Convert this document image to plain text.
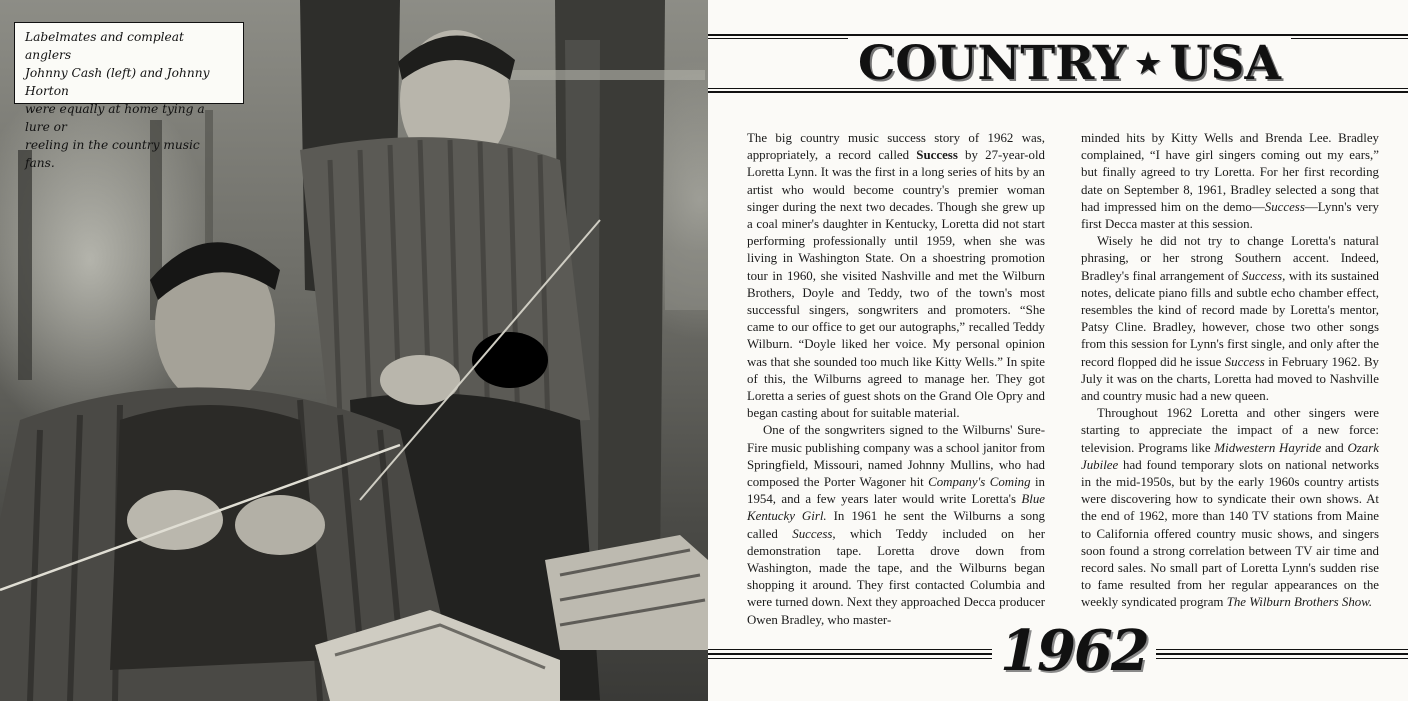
Labelmates and compleat anglers
Johnny Cash (left) and Johnny Horton
were equally at home tying a lure or
reeling in the country music fans.
COUNTRY ★ USA

The big country music success story of 1962 was, appropriately, a record called Success by 27-year-old Loretta Lynn. It was the first in a long series of hits by an artist who would become country's premier woman singer during the next two decades. Though she grew up a coal miner's daughter in Kentucky, Loretta did not start performing professionally until 1959, when she was living in Washington State. On a shoestring promotion tour in 1960, she visited Nashville and met the Wilburn Brothers, Doyle and Teddy, two of the town's most successful singers, songwriters and promoters. “She came to our office to get our autographs,” recalled Teddy Wilburn. “Doyle liked her voice. My personal opinion was that she sounded too much like Kitty Wells.” In spite of this, the Wilburns agreed to manage her. They got Loretta a series of guest shots on the Grand Ole Opry and began casting about for suitable material.

One of the songwriters signed to the Wilburns' Sure-Fire music publishing company was a school janitor from Springfield, Missouri, named Johnny Mullins, who had composed the Porter Wagoner hit Company's Coming in 1954, and a few years later would write Loretta's Blue Kentucky Girl. In 1961 he sent the Wilburns a song called Success, which Teddy included on her demonstration tape. Loretta drove down from Washington, made the tape, and the Wilburns began shopping it around. They first contacted Columbia and were turned down. Next they approached Decca producer Owen Bradley, who master-

minded hits by Kitty Wells and Brenda Lee. Bradley complained, “I have girl singers coming out my ears,” but finally agreed to try Loretta. For her first recording date on September 8, 1961, Bradley selected a song that had impressed him on the demo—Success—Lynn's very first Decca master at this session.

Wisely he did not try to change Loretta's natural phrasing, or her strong Southern accent. Indeed, Bradley's final arrangement of Success, with its sustained notes, delicate piano fills and subtle echo chamber effect, resembles the kind of record made by Loretta's mentor, Patsy Cline. Bradley, however, chose two other songs from this session for Lynn's first single, and only after the record flopped did he issue Success in February 1962. By July it was on the charts, Loretta had moved to Nashville and country music had a new queen.

Throughout 1962 Loretta and other singers were starting to appreciate the impact of a new force: television. Programs like Midwestern Hayride and Ozark Jubilee had found temporary slots on national networks in the mid-1950s, but by the early 1960s country artists were discovering how to syndicate their own shows. At the end of 1962, more than 140 TV stations from Maine to California offered country music shows, and singers soon found a strong correlation between TV air time and record sales. No small part of Loretta Lynn's sudden rise to fame resulted from her regular appearances on the weekly syndicated program The Wilburn Brothers Show.

1962
